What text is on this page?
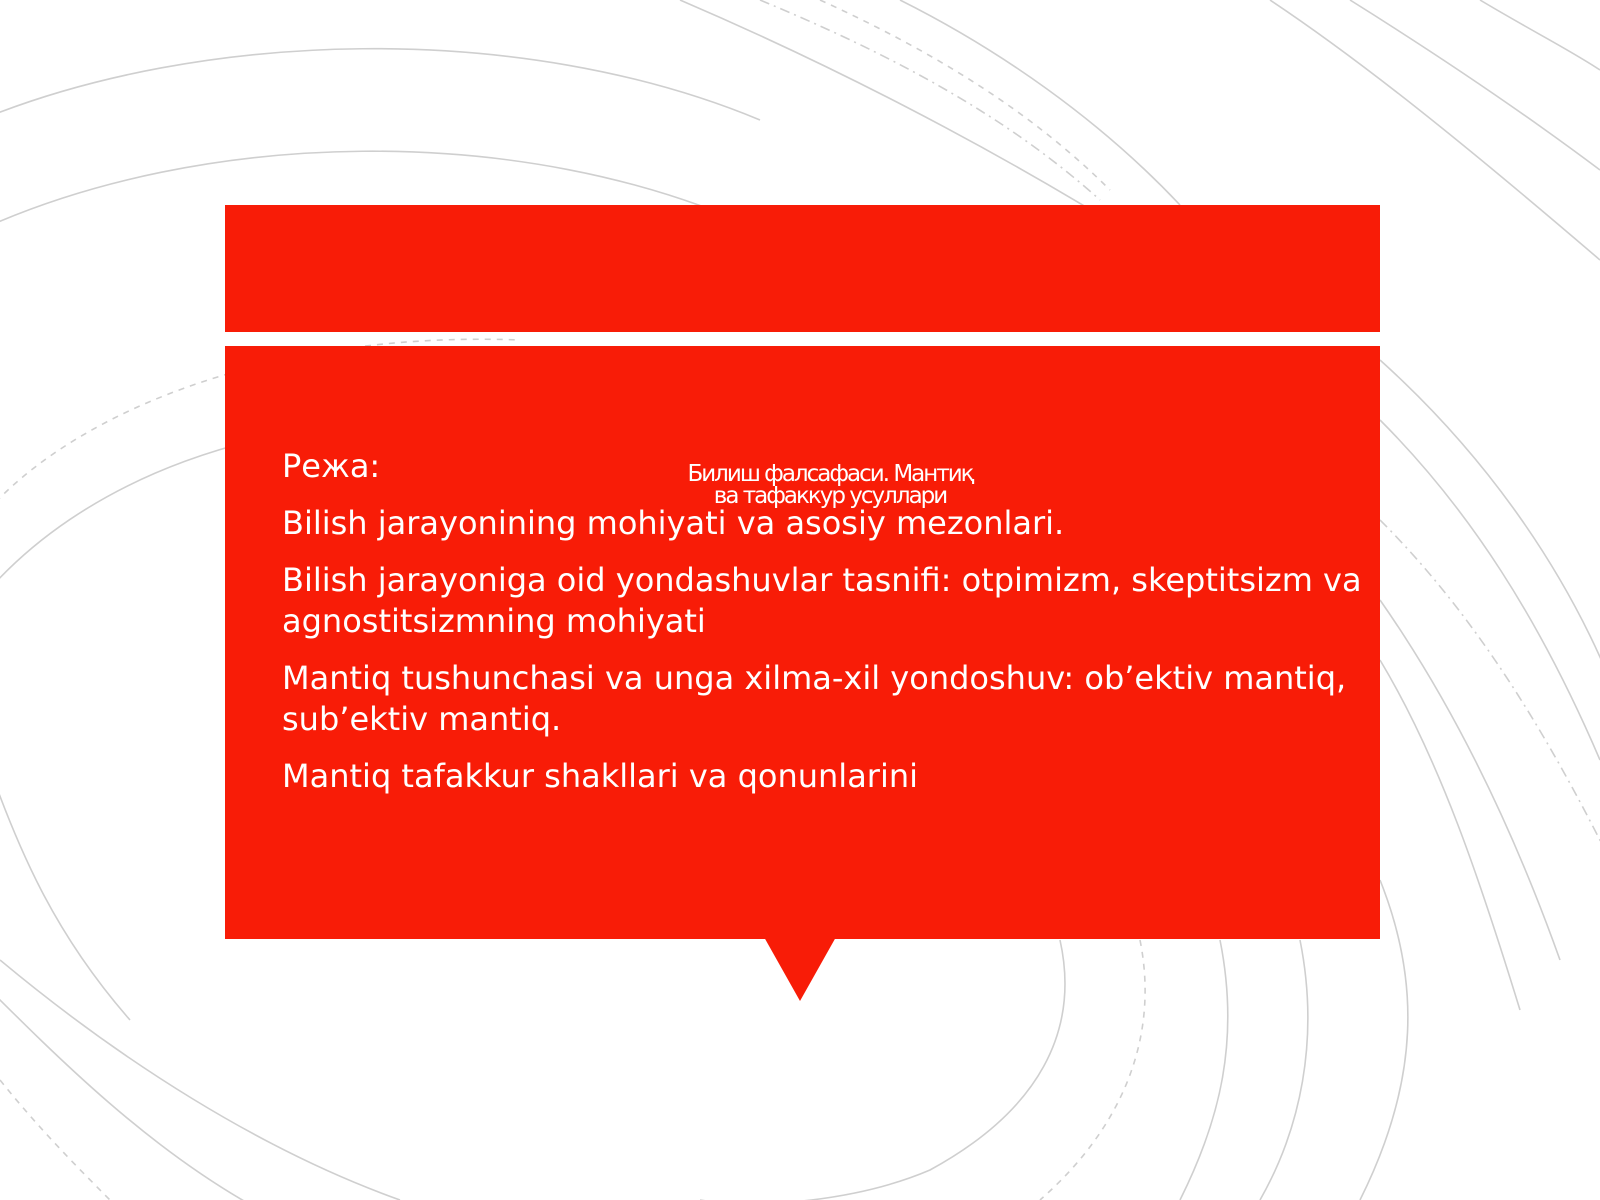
Билиш фалсафаси. Мантиқ
ва тафаккур усуллари
Режа:
Bilish jarayonining mohiyati va asosiy mezonlari.
Bilish jarayoniga oid yondashuvlar tasnifi: otpimizm, skeptitsizm va agnostitsizmning mohiyati
Mantiq tushunchasi va unga xilma-xil yondoshuv: ob’ektiv mantiq, sub’ektiv mantiq.
Mantiq tafakkur shakllari va qonunlarini
